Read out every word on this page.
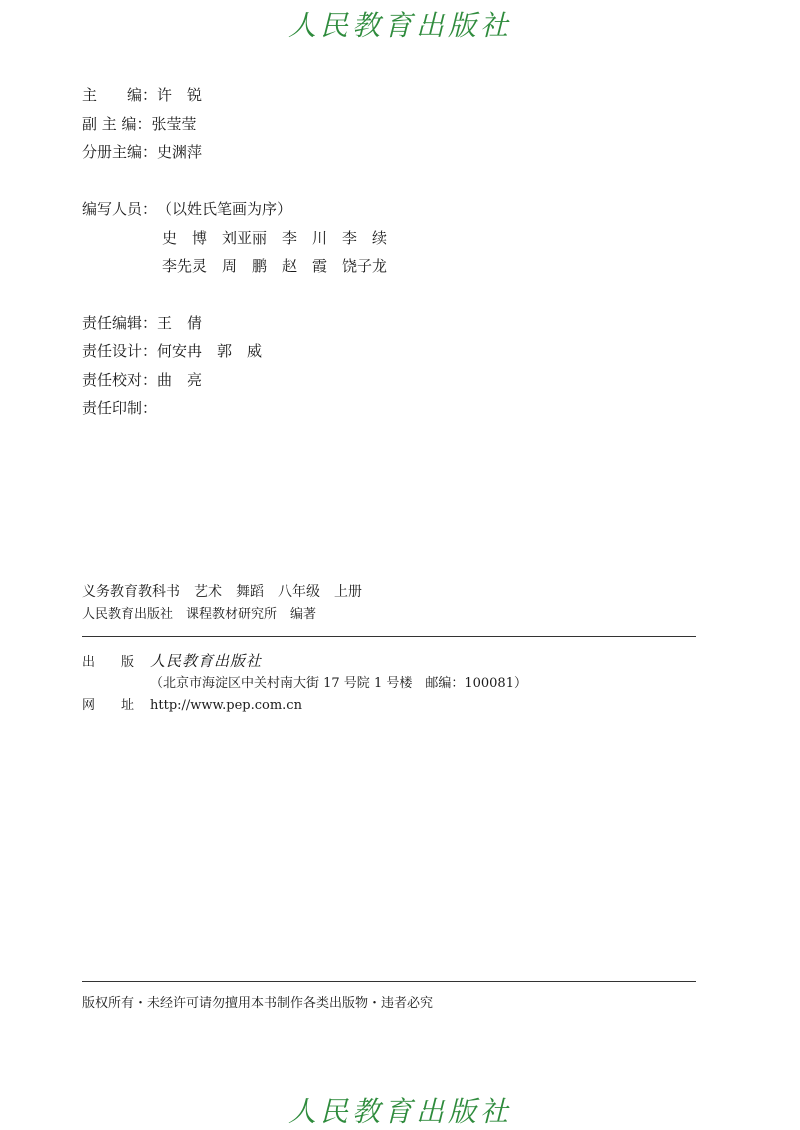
人民教育出版社
主　　编：许　锐
副 主 编：张莹莹
分册主编：史渊萍
编写人员：（以姓氏笔画为序）
史　博　刘亚丽　李　川　李　续
李先灵　周　鹏　赵　霞　饶子龙
责任编辑：王　倩
责任设计：何安冉　郭　威
责任校对：曲　亮
责任印制：
义务教育教科书　艺术　舞蹈　八年级　上册
人民教育出版社　课程教材研究所　编著
出　　版 人民教育出版社
（北京市海淀区中关村南大街 17 号院 1 号楼　邮编：100081）
网　　址 http://www.pep.com.cn
版权所有・未经许可请勿擅用本书制作各类出版物・违者必究
人民教育出版社
